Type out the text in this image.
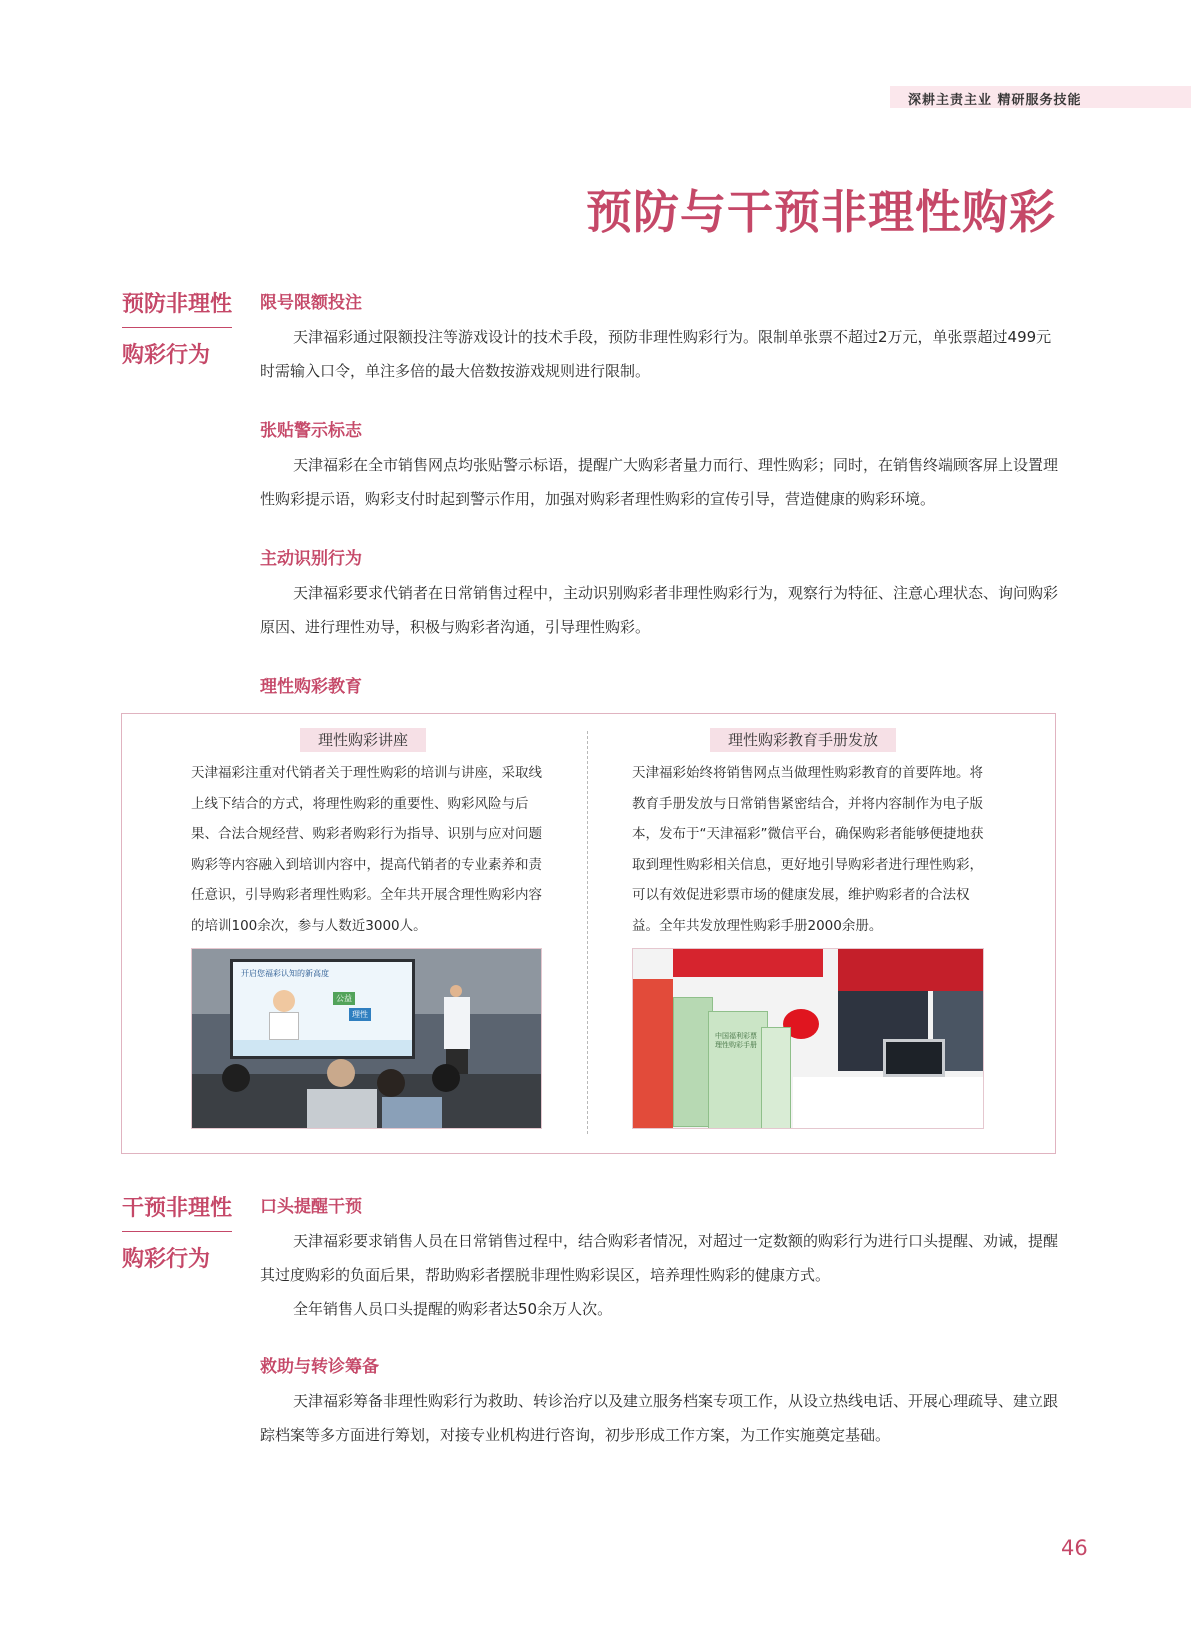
深耕主责主业 精研服务技能
预防与干预非理性购彩
预防非理性
购彩行为
限号限额投注

天津福彩通过限额投注等游戏设计的技术手段，预防非理性购彩行为。限制单张票不超过2万元，单张票超过499元时需输入口令，单注多倍的最大倍数按游戏规则进行限制。

张贴警示标志

天津福彩在全市销售网点均张贴警示标语，提醒广大购彩者量力而行、理性购彩；同时，在销售终端顾客屏上设置理性购彩提示语，购彩支付时起到警示作用，加强对购彩者理性购彩的宣传引导，营造健康的购彩环境。

主动识别行为

天津福彩要求代销者在日常销售过程中，主动识别购彩者非理性购彩行为，观察行为特征、注意心理状态、询问购彩原因、进行理性劝导，积极与购彩者沟通，引导理性购彩。

理性购彩教育
理性购彩讲座

天津福彩注重对代销者关于理性购彩的培训与讲座，采取线上线下结合的方式，将理性购彩的重要性、购彩风险与后果、合法合规经营、购彩者购彩行为指导、识别与应对问题购彩等内容融入到培训内容中，提高代销者的专业素养和责任意识，引导购彩者理性购彩。全年共开展含理性购彩内容的培训100余次，参与人数近3000人。

理性购彩教育手册发放

天津福彩始终将销售网点当做理性购彩教育的首要阵地。将教育手册发放与日常销售紧密结合，并将内容制作为电子版本，发布于“天津福彩”微信平台，确保购彩者能够便捷地获取到理性购彩相关信息，更好地引导购彩者进行理性购彩，可以有效促进彩票市场的健康发展，维护购彩者的合法权益。全年共发放理性购彩手册2000余册。

开启您福彩认知的新高度
公益
理性
中国福利彩票理性购彩手册
干预非理性
购彩行为
口头提醒干预

天津福彩要求销售人员在日常销售过程中，结合购彩者情况，对超过一定数额的购彩行为进行口头提醒、劝诫，提醒其过度购彩的负面后果，帮助购彩者摆脱非理性购彩误区，培养理性购彩的健康方式。

全年销售人员口头提醒的购彩者达50余万人次。

救助与转诊筹备

天津福彩筹备非理性购彩行为救助、转诊治疗以及建立服务档案专项工作，从设立热线电话、开展心理疏导、建立跟踪档案等多方面进行筹划，对接专业机构进行咨询，初步形成工作方案，为工作实施奠定基础。

46
